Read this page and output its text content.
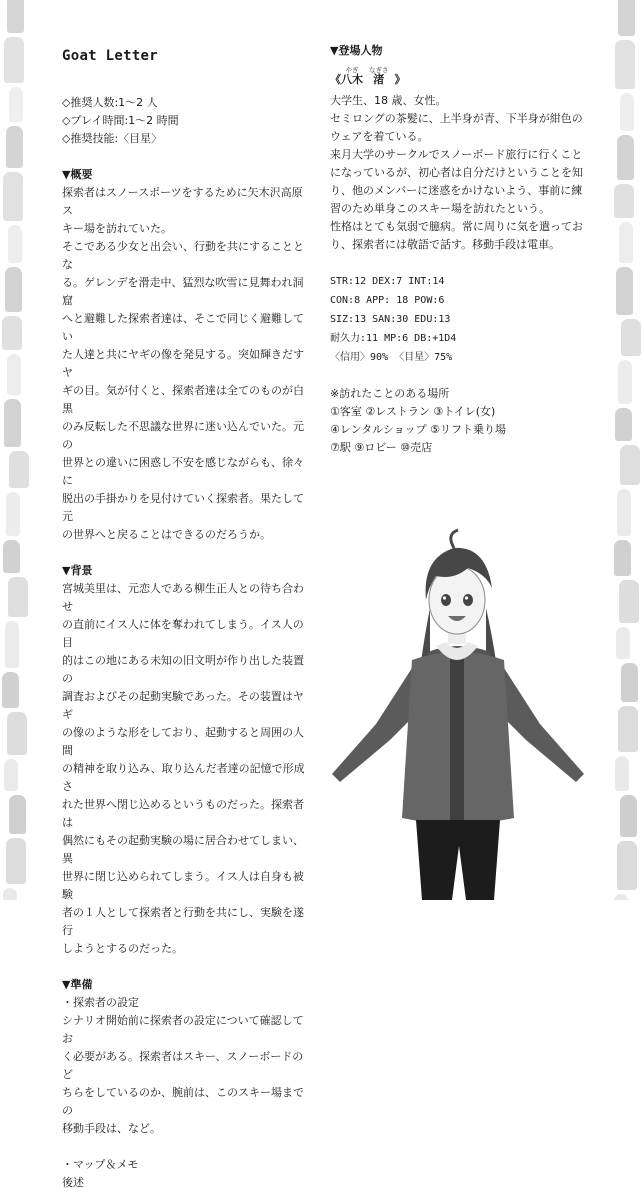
Goat Letter

◇推奨人数:1～2 人

◇プレイ時間:1～2 時間

◇推奨技能:〈目星〉

▼概要

探索者はスノースポーツをするために矢木沢高原ス

キー場を訪れていた。

そこである少女と出会い、行動を共にすることとな

る。ゲレンデを滑走中、猛烈な吹雪に見舞われ洞窟

へと避難した探索者達は、そこで同じく避難してい

た人達と共にヤギの像を発見する。突如輝きだすヤ

ギの目。気が付くと、探索者達は全てのものが白黒

のみ反転した不思議な世界に迷い込んでいた。元の

世界との違いに困惑し不安を感じながらも、徐々に

脱出の手掛かりを見付けていく探索者。果たして元

の世界へと戻ることはできるのだろうか。

▼背景

宮城美里は、元恋人である柳生正人との待ち合わせ

の直前にイス人に体を奪われてしまう。イス人の目

的はこの地にある未知の旧文明が作り出した装置の

調査およびその起動実験であった。その装置はヤギ

の像のような形をしており、起動すると周囲の人間

の精神を取り込み、取り込んだ者達の記憶で形成さ

れた世界へ閉じ込めるというものだった。探索者は

偶然にもその起動実験の場に居合わせてしまい、異

世界に閉じ込められてしまう。イス人は自身も被験

者の１人として探索者と行動を共にし、実験を遂行

しようとするのだった。

▼準備

・探索者の設定

シナリオ開始前に探索者の設定について確認してお

く必要がある。探索者はスキー、スノーボードのど

ちらをしているのか、腕前は、このスキー場までの

移動手段は、など。

・マップ＆メモ

後述

▼登場人物

《
やぎ
八木
なぎさ
渚 》

大学生、18 歳、女性。

セミロングの茶髪に、上半身が青、下半身が紺色の

ウェアを着ている。

来月大学のサークルでスノーボード旅行に行くこと

になっているが、初心者は自分だけということを知

り、他のメンバーに迷惑をかけないよう、事前に練

習のため単身このスキー場を訪れたという。

性格はとても気弱で臆病。常に周りに気を遣ってお

り、探索者には敬語で話す。移動手段は電車。

STR:12 DEX:7 INT:14

CON:8 APP: 18 POW:6

SIZ:13 SAN:30 EDU:13

耐久力:11 MP:6 DB:+1D4

〈信用〉90% 〈目星〉75%

※訪れたことのある場所

①客室 ②レストラン ③トイレ(女)

④レンタルショップ ⑤リフト乗り場

⑦駅 ⑨ロビー ⑩売店
